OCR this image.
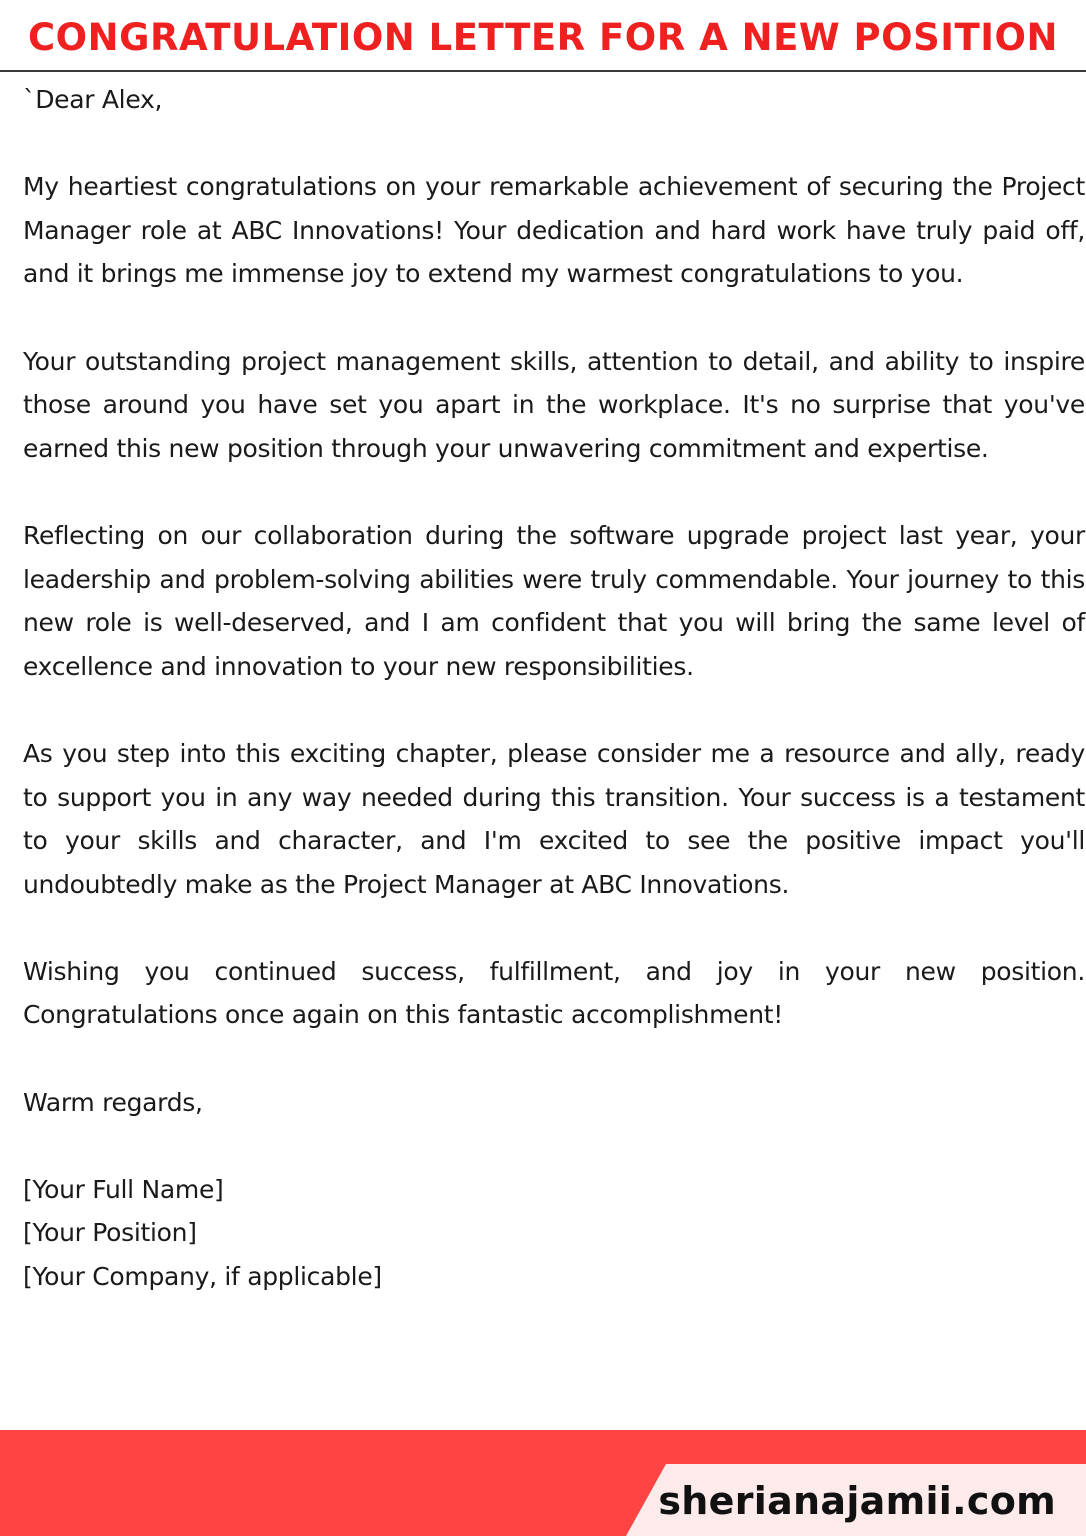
CONGRATULATION LETTER FOR A NEW POSITION

`Dear Alex,

My heartiest congratulations on your remarkable achievement of securing the Project Manager role at ABC Innovations! Your dedication and hard work have truly paid off, and it brings me immense joy to extend my warmest congratulations to you.

Your outstanding project management skills, attention to detail, and ability to inspire those around you have set you apart in the workplace. It's no surprise that you've earned this new position through your unwavering commitment and expertise.

Reflecting on our collaboration during the software upgrade project last year, your leadership and problem-solving abilities were truly commendable. Your journey to this new role is well-deserved, and I am confident that you will bring the same level of excellence and innovation to your new responsibilities.

As you step into this exciting chapter, please consider me a resource and ally, ready to support you in any way needed during this transition. Your success is a testament to your skills and character, and I'm excited to see the positive impact you'll undoubtedly make as the Project Manager at ABC Innovations.

Wishing you continued success, fulfillment, and joy in your new position. Congratulations once again on this fantastic accomplishment!

Warm regards,

[Your Full Name]

[Your Position]

[Your Company, if applicable]

sherianajamii.com
